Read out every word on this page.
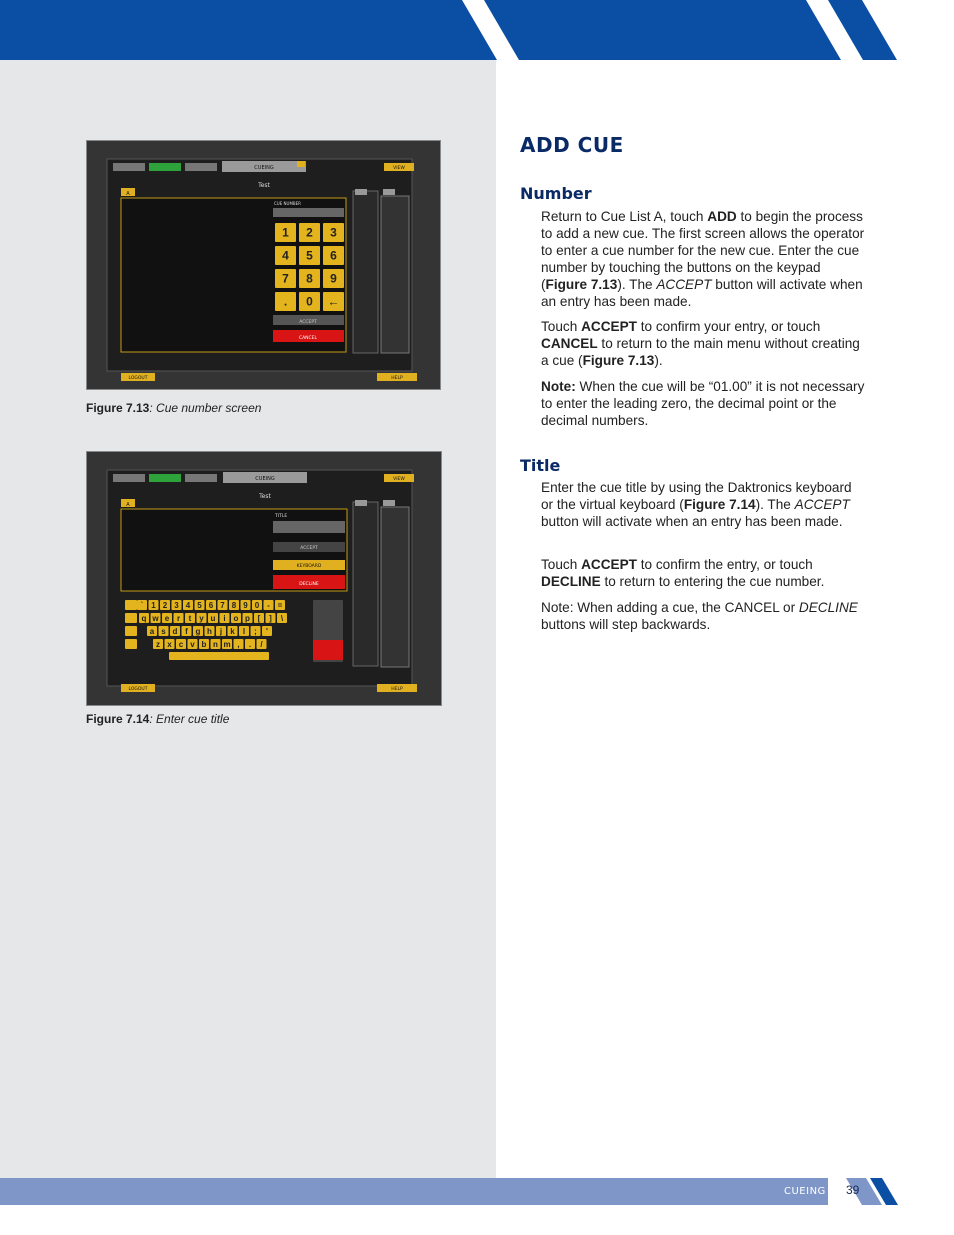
CUEING	VIEW
Test
A
CUE NUMBER
1 2 3
4 5 6
7 8 9
. 0 ←
ACCEPT
CANCEL
LOGOUT	HELP
Figure 7.13: Cue number screen
CUEING	VIEW
Test
A
TITLE
ACCEPT
KEYBOARD
DECLINE
` 1 2 3 4 5 6 7 8 9 0 - =
q w e r t y u i o p [ ] \
a s d f g h j k l ; '
z x c v b n m , . /
LOGOUT	HELP
Figure 7.14: Enter cue title
ADD CUE
Number
Return to Cue List A, touch ADD to begin the process to add a new cue. The first screen allows the operator to enter a cue number for the new cue. Enter the cue number by touching the buttons on the keypad (Figure 7.13). The ACCEPT button will activate when an entry has been made.
Touch ACCEPT to confirm your entry, or touch CANCEL to return to the main menu without creating a cue (Figure 7.13).
Note: When the cue will be “01.00” it is not necessary to enter the leading zero, the decimal point or the decimal numbers.
Title
Enter the cue title by using the Daktronics keyboard or the virtual keyboard (Figure 7.14). The ACCEPT button will activate when an entry has been made.
Touch ACCEPT to confirm the entry, or touch DECLINE to return to entering the cue number.
Note: When adding a cue, the CANCEL or DECLINE buttons will step backwards.
CUEING 39
